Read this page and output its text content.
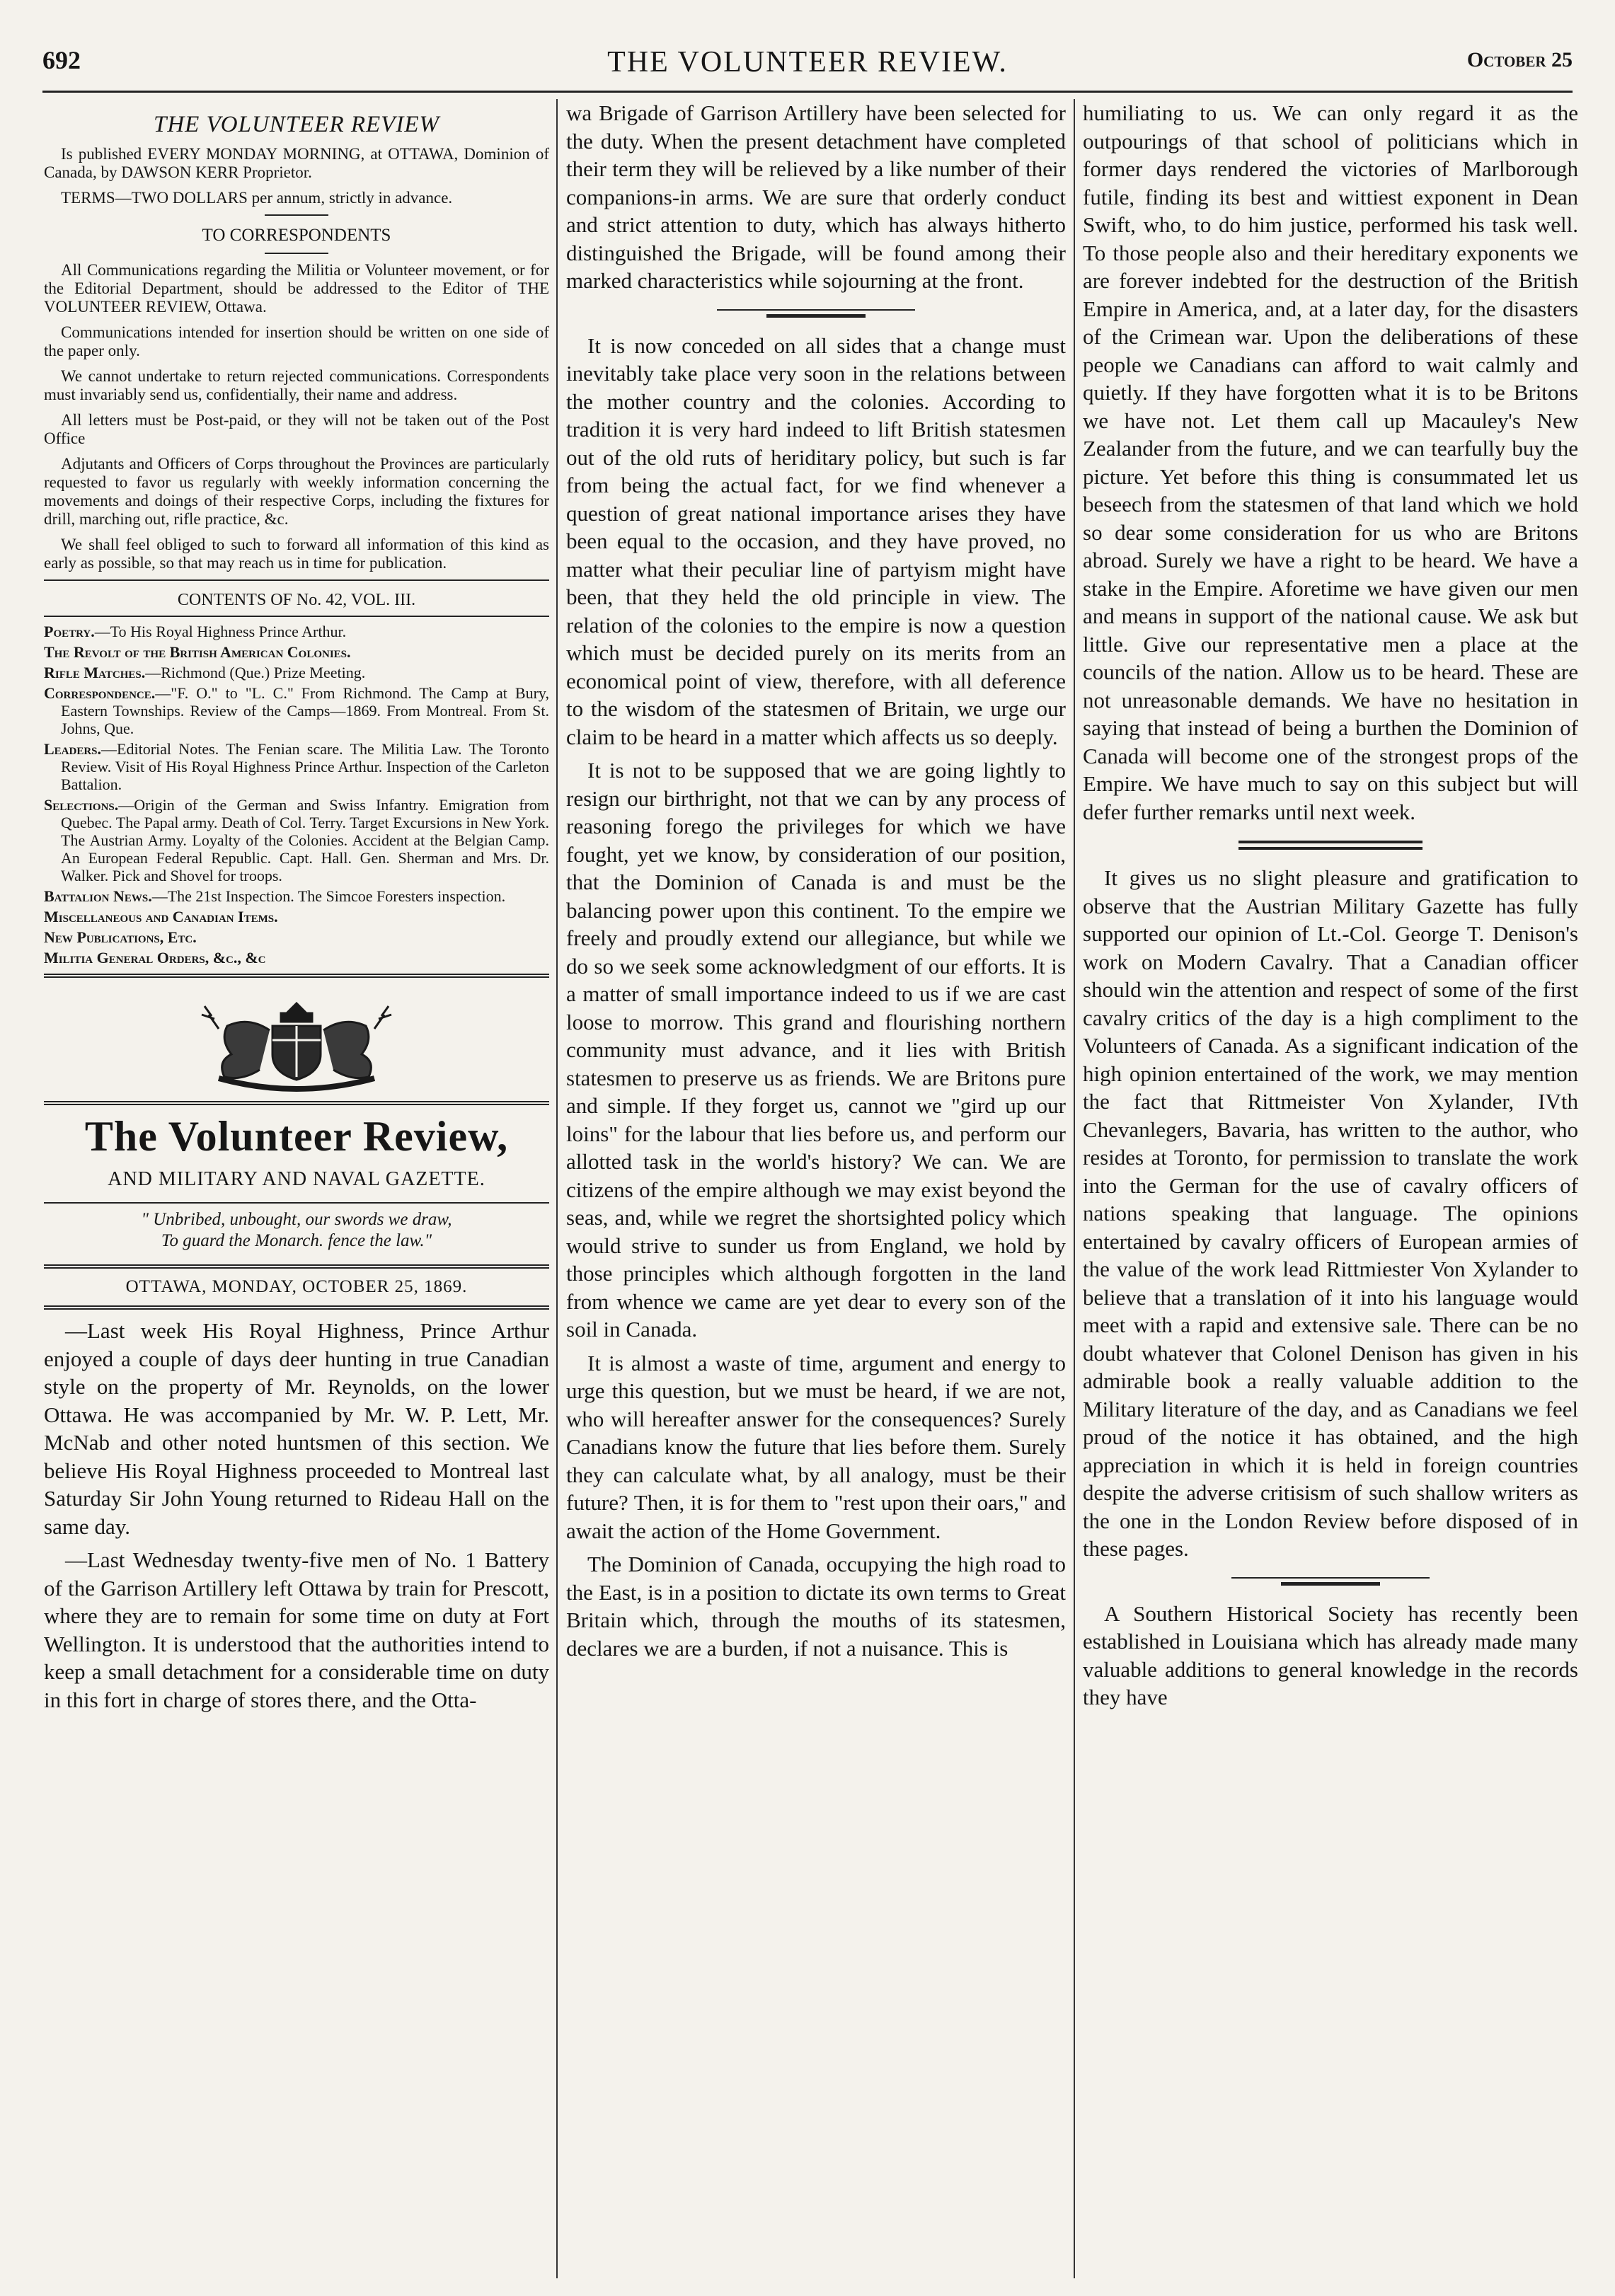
692	THE VOLUNTEER REVIEW.	October 25
THE VOLUNTEER REVIEW

Is published EVERY MONDAY MORNING, at OTTAWA, Dominion of Canada, by DAWSON KERR Proprietor.

TERMS—TWO DOLLARS per annum, strictly in advance.

TO CORRESPONDENTS

All Communications regarding the Militia or Volunteer movement, or for the Editorial Department, should be addressed to the Editor of THE VOLUNTEER REVIEW, Ottawa.

Communications intended for insertion should be written on one side of the paper only.

We cannot undertake to return rejected communications. Correspondents must invariably send us, confidentially, their name and address.

All letters must be Post-paid, or they will not be taken out of the Post Office

Adjutants and Officers of Corps throughout the Provinces are particularly requested to favor us regularly with weekly information concerning the movements and doings of their respective Corps, including the fixtures for drill, marching out, rifle practice, &c.

We shall feel obliged to such to forward all information of this kind as early as possible, so that may reach us in time for publication.

CONTENTS OF No. 42, VOL. III.

Poetry.—To His Royal Highness Prince Arthur.

The Revolt of the British American Colonies.

Rifle Matches.—Richmond (Que.) Prize Meeting.

Correspondence.—"F. O." to "L. C." From Richmond. The Camp at Bury, Eastern Townships. Review of the Camps—1869. From Montreal. From St. Johns, Que.

Leaders.—Editorial Notes. The Fenian scare. The Militia Law. The Toronto Review. Visit of His Royal Highness Prince Arthur. Inspection of the Carleton Battalion.

Selections.—Origin of the German and Swiss Infantry. Emigration from Quebec. The Papal army. Death of Col. Terry. Target Excursions in New York. The Austrian Army. Loyalty of the Colonies. Accident at the Belgian Camp. An European Federal Republic. Capt. Hall. Gen. Sherman and Mrs. Dr. Walker. Pick and Shovel for troops.

Battalion News.—The 21st Inspection. The Simcoe Foresters inspection.

Miscellaneous and Canadian Items.

New Publications, Etc.

Militia General Orders, &c., &c

The Volunteer Review,
AND MILITARY AND NAVAL GAZETTE.
" Unbribed, unbought, our swords we draw,
To guard the Monarch. fence the law."
OTTAWA, MONDAY, OCTOBER 25, 1869.

—Last week His Royal Highness, Prince Arthur enjoyed a couple of days deer hunting in true Canadian style on the property of Mr. Reynolds, on the lower Ottawa. He was accompanied by Mr. W. P. Lett, Mr. McNab and other noted huntsmen of this section. We believe His Royal Highness proceeded to Montreal last Saturday Sir John Young returned to Rideau Hall on the same day.

—Last Wednesday twenty-five men of No. 1 Battery of the Garrison Artillery left Ottawa by train for Prescott, where they are to remain for some time on duty at Fort Wellington. It is understood that the authorities intend to keep a small detachment for a considerable time on duty in this fort in charge of stores there, and the Otta-

wa Brigade of Garrison Artillery have been selected for the duty. When the present detachment have completed their term they will be relieved by a like number of their companions-in arms. We are sure that orderly conduct and strict attention to duty, which has always hitherto distinguished the Brigade, will be found among their marked characteristics while sojourning at the front.

It is now conceded on all sides that a change must inevitably take place very soon in the relations between the mother country and the colonies. According to tradition it is very hard indeed to lift British statesmen out of the old ruts of heriditary policy, but such is far from being the actual fact, for we find whenever a question of great national importance arises they have been equal to the occasion, and they have proved, no matter what their peculiar line of partyism might have been, that they held the old principle in view. The relation of the colonies to the empire is now a question which must be decided purely on its merits from an economical point of view, therefore, with all deference to the wisdom of the statesmen of Britain, we urge our claim to be heard in a matter which affects us so deeply.

It is not to be supposed that we are going lightly to resign our birthright, not that we can by any process of reasoning forego the privileges for which we have fought, yet we know, by consideration of our position, that the Dominion of Canada is and must be the balancing power upon this continent. To the empire we freely and proudly extend our allegiance, but while we do so we seek some acknowledgment of our efforts. It is a matter of small importance indeed to us if we are cast loose to morrow. This grand and flourishing northern community must advance, and it lies with British statesmen to preserve us as friends. We are Britons pure and simple. If they forget us, cannot we "gird up our loins" for the labour that lies before us, and perform our allotted task in the world's history? We can. We are citizens of the empire although we may exist beyond the seas, and, while we regret the shortsighted policy which would strive to sunder us from England, we hold by those principles which although forgotten in the land from whence we came are yet dear to every son of the soil in Canada.

It is almost a waste of time, argument and energy to urge this question, but we must be heard, if we are not, who will hereafter answer for the consequences? Surely Canadians know the future that lies before them. Surely they can calculate what, by all analogy, must be their future? Then, it is for them to "rest upon their oars," and await the action of the Home Government.

The Dominion of Canada, occupying the high road to the East, is in a position to dictate its own terms to Great Britain which, through the mouths of its statesmen, declares we are a burden, if not a nuisance. This is

humiliating to us. We can only regard it as the outpourings of that school of politicians which in former days rendered the victories of Marlborough futile, finding its best and wittiest exponent in Dean Swift, who, to do him justice, performed his task well. To those people also and their hereditary exponents we are forever indebted for the destruction of the British Empire in America, and, at a later day, for the disasters of the Crimean war. Upon the deliberations of these people we Canadians can afford to wait calmly and quietly. If they have forgotten what it is to be Britons we have not. Let them call up Macauley's New Zealander from the future, and we can tearfully buy the picture. Yet before this thing is consummated let us beseech from the statesmen of that land which we hold so dear some consideration for us who are Britons abroad. Surely we have a right to be heard. We have a stake in the Empire. Aforetime we have given our men and means in support of the national cause. We ask but little. Give our representative men a place at the councils of the nation. Allow us to be heard. These are not unreasonable demands. We have no hesitation in saying that instead of being a burthen the Dominion of Canada will become one of the strongest props of the Empire. We have much to say on this subject but will defer further remarks until next week.

It gives us no slight pleasure and gratification to observe that the Austrian Military Gazette has fully supported our opinion of Lt.-Col. George T. Denison's work on Modern Cavalry. That a Canadian officer should win the attention and respect of some of the first cavalry critics of the day is a high compliment to the Volunteers of Canada. As a significant indication of the high opinion entertained of the work, we may mention the fact that Rittmeister Von Xylander, IVth Chevanlegers, Bavaria, has written to the author, who resides at Toronto, for permission to translate the work into the German for the use of cavalry officers of nations speaking that language. The opinions entertained by cavalry officers of European armies of the value of the work lead Rittmiester Von Xylander to believe that a translation of it into his language would meet with a rapid and extensive sale. There can be no doubt whatever that Colonel Denison has given in his admirable book a really valuable addition to the Military literature of the day, and as Canadians we feel proud of the notice it has obtained, and the high appreciation in which it is held in foreign countries despite the adverse critisism of such shallow writers as the one in the London Review before disposed of in these pages.

A Southern Historical Society has recently been established in Louisiana which has already made many valuable additions to general knowledge in the records they have
